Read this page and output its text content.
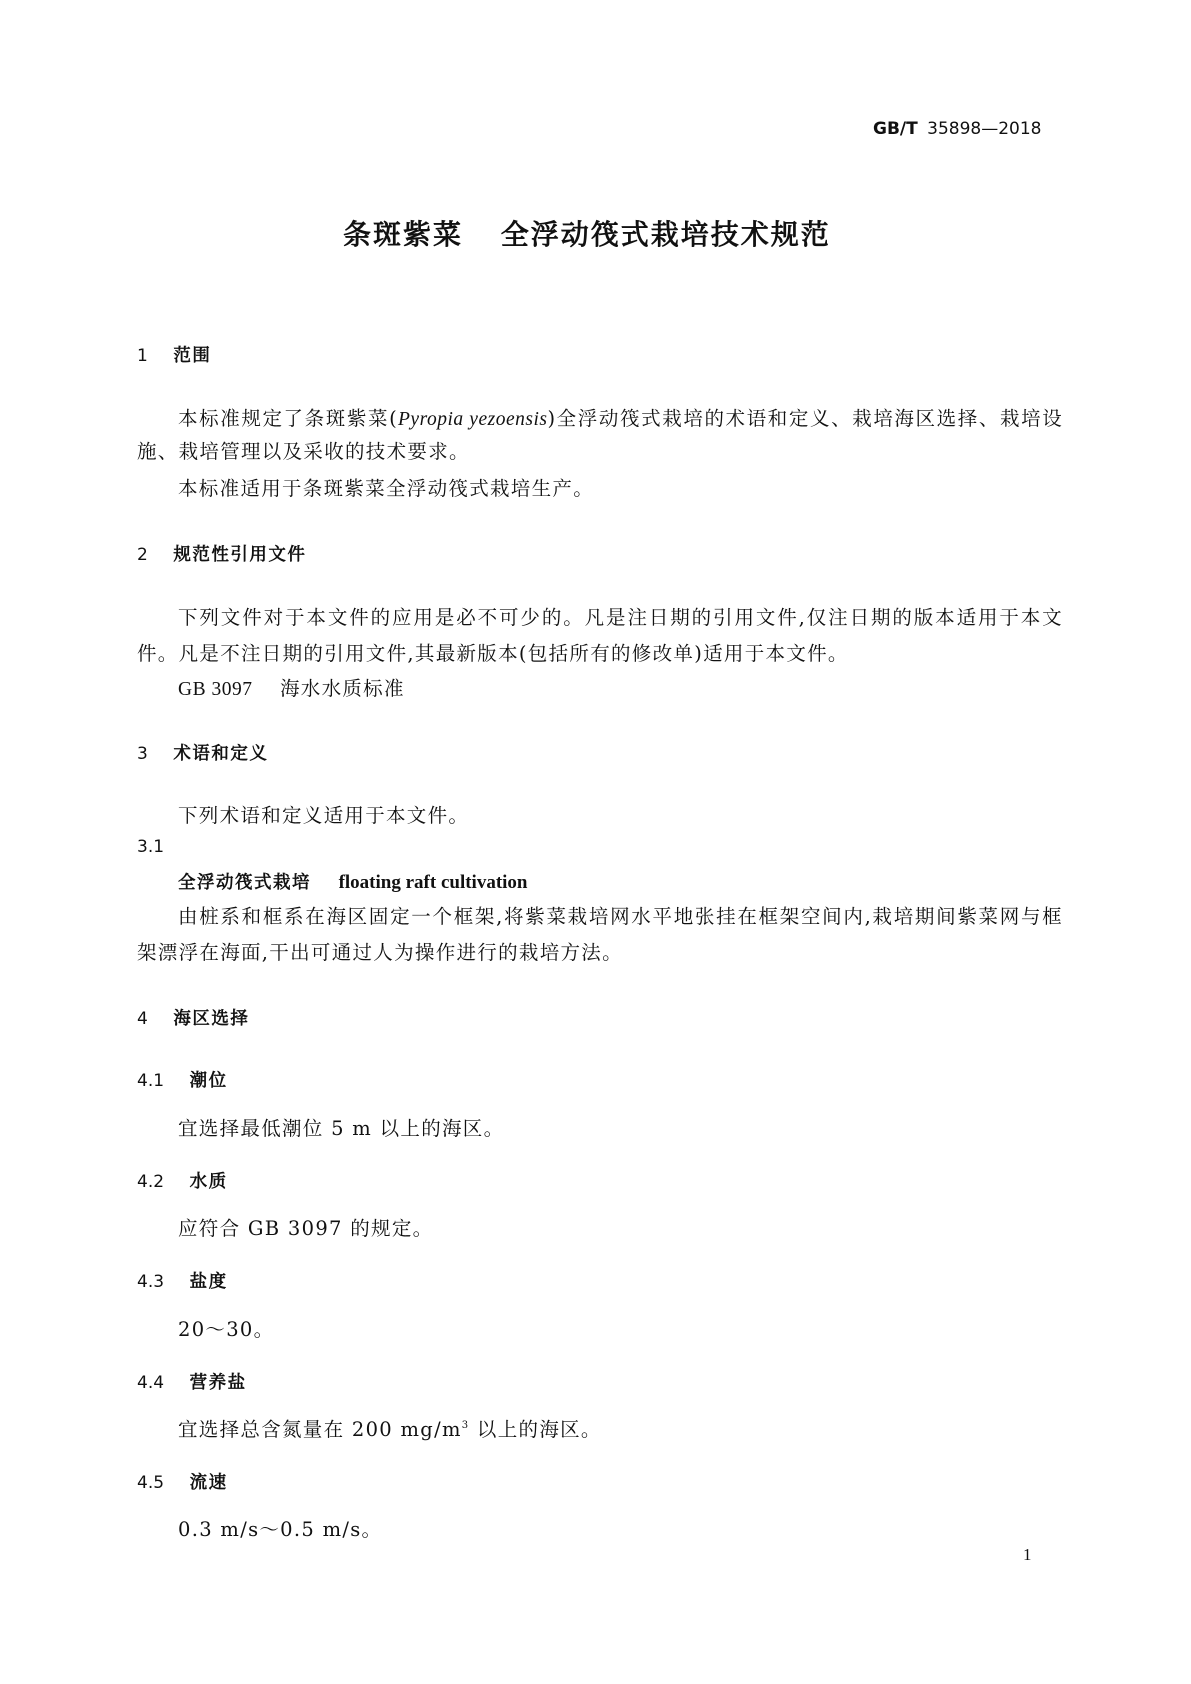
GB/T 35898—2018
条斑紫菜 全浮动筏式栽培技术规范
1 范围
本标准规定了条斑紫菜(Pyropia yezoensis)全浮动筏式栽培的术语和定义、栽培海区选择、栽培设
施、栽培管理以及采收的技术要求。
本标准适用于条斑紫菜全浮动筏式栽培生产。
2 规范性引用文件
下列文件对于本文件的应用是必不可少的。凡是注日期的引用文件,仅注日期的版本适用于本文
件。凡是不注日期的引用文件,其最新版本(包括所有的修改单)适用于本文件。
GB 3097 海水水质标准
3 术语和定义
下列术语和定义适用于本文件。
3.1
全浮动筏式栽培 floating raft cultivation
由桩系和框系在海区固定一个框架,将紫菜栽培网水平地张挂在框架空间内,栽培期间紫菜网与框
架漂浮在海面,干出可通过人为操作进行的栽培方法。
4 海区选择
4.1 潮位
宜选择最低潮位 5 m 以上的海区。
4.2 水质
应符合 GB 3097 的规定。
4.3 盐度
20～30。
4.4 营养盐
宜选择总含氮量在 200 $mg/m^3$ 以上的海区。
4.5 流速
0.3 m/s～0.5 m/s。
1
